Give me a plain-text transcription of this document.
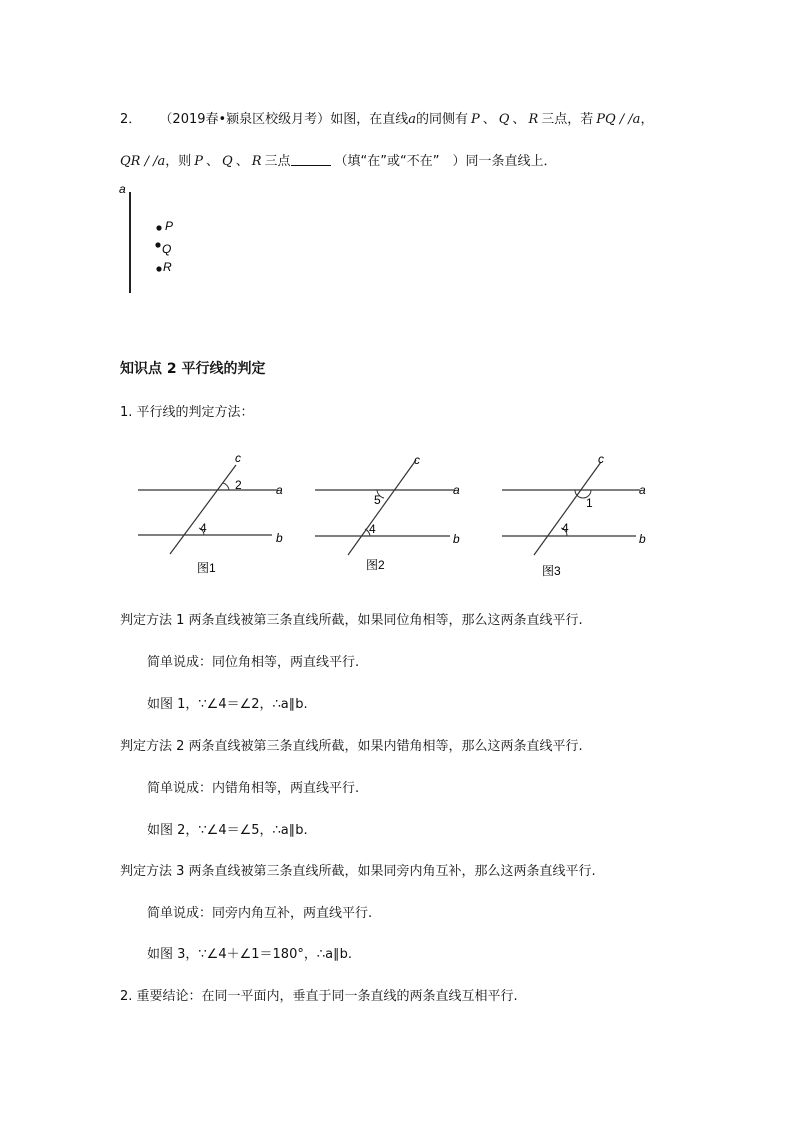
2． （2019春•颍泉区校级月考）如图，在直线a的同侧有 P 、 Q 、 R 三点，若 PQ / /a，
QR / /a，则 P 、 Q 、 R 三点	（填“在”或“不在”　）同一条直线上．
a
P
Q
R
知识点 2 平行线的判定
1. 平行线的判定方法：
c
a
b
2
4
图1
c
a
b
5
4
图2
c
a
b
1
4
图3
判定方法 1 两条直线被第三条直线所截，如果同位角相等，那么这两条直线平行.
简单说成：同位角相等，两直线平行.
如图 1，∵∠4＝∠2，∴a∥b.
判定方法 2 两条直线被第三条直线所截，如果内错角相等，那么这两条直线平行.
简单说成：内错角相等，两直线平行.
如图 2，∵∠4＝∠5，∴a∥b.
判定方法 3 两条直线被第三条直线所截，如果同旁内角互补，那么这两条直线平行.
简单说成：同旁内角互补，两直线平行.
如图 3，∵∠4＋∠1＝180°，∴a∥b.
2. 重要结论：在同一平面内，垂直于同一条直线的两条直线互相平行.
